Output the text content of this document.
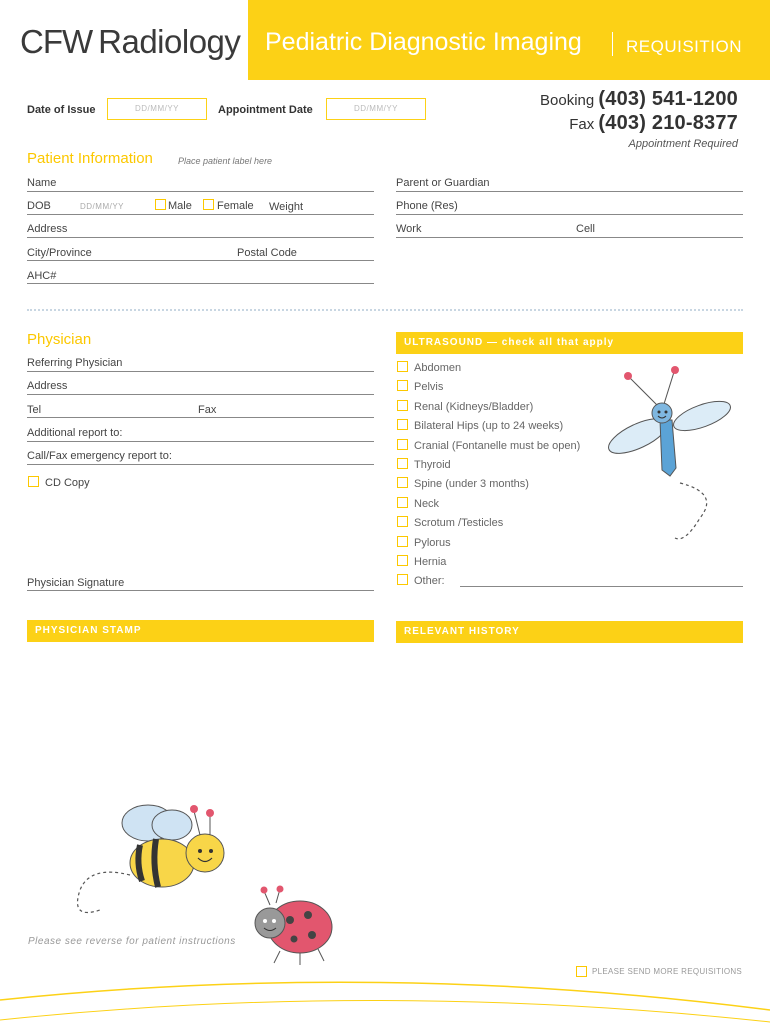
CFW Radiology Pediatric Diagnostic Imaging	REQUISITION
Date of Issue	DD/MM/YY	Appointment Date	DD/MM/YY	Booking (403) 541-1200
Fax (403) 210-8377
Appointment Required
Patient Information	Place patient label here
Name
DOB	DD/MM/YY	Male Female Weight
Address
City/Province	Postal Code
AHC#
Parent or Guardian
Phone (Res)
Work	Cell
Physician
Referring Physician
Address
Tel	Fax
Additional report to:
Call/Fax emergency report to:
CD Copy
Physician Signature
PHYSICIAN STAMP
ULTRASOUND — check all that apply
Abdomen
Pelvis
Renal (Kidneys/Bladder)
Bilateral Hips (up to 24 weeks)
Cranial (Fontanelle must be open)
Thyroid
Spine (under 3 months)
Neck
Scrotum /Testicles
Pylorus
Hernia
Other:
RELEVANT HISTORY
Please see reverse for patient instructions
PLEASE SEND MORE REQUISITIONS
